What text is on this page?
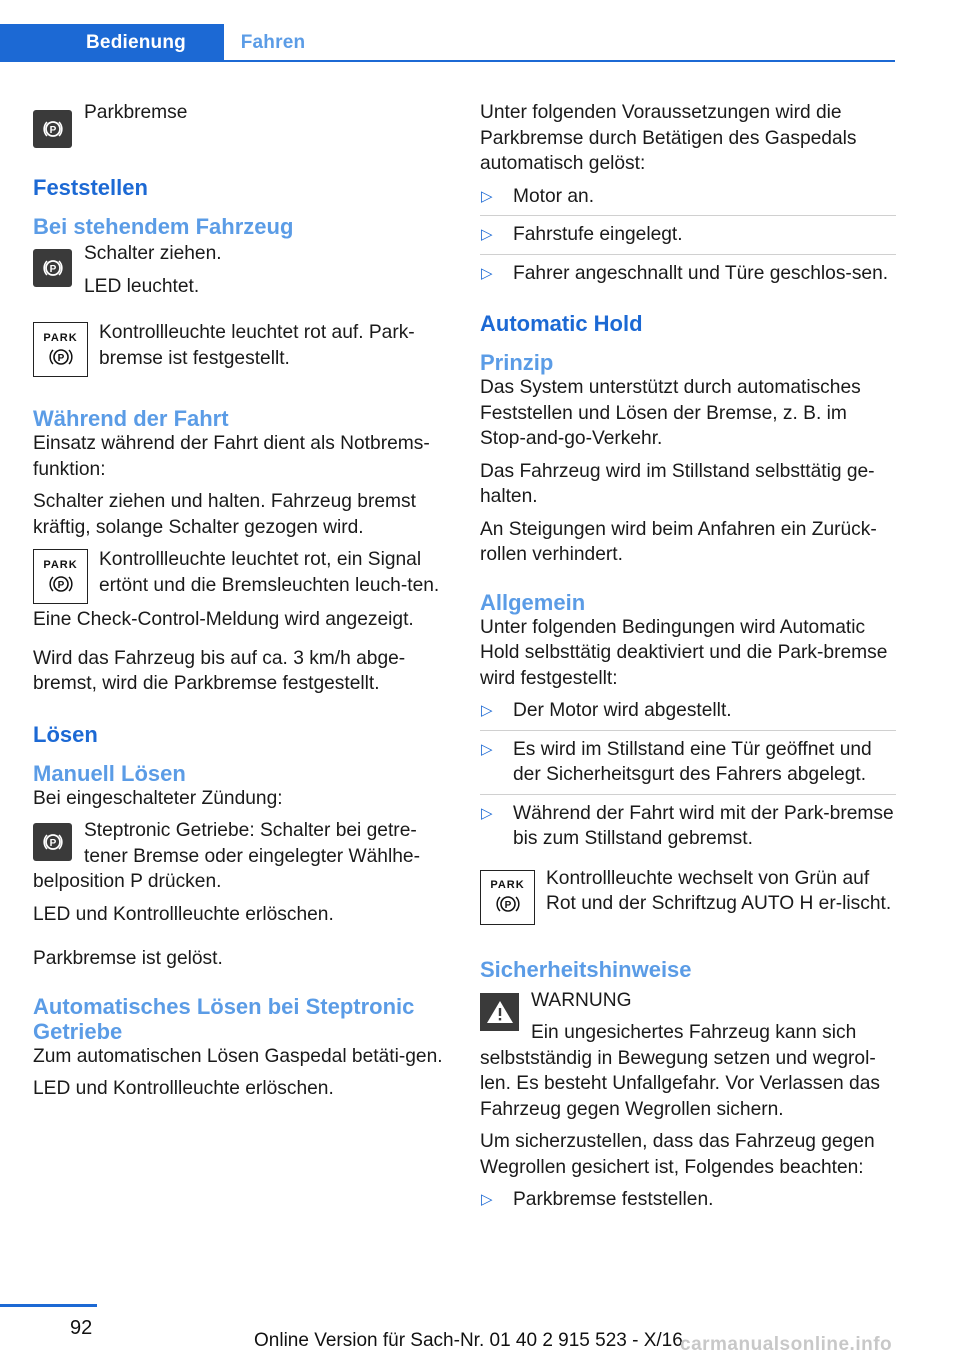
Bedienung	Fahren
P

Parkbremse

Feststellen
Bei stehendem Fahrzeug
P

Schalter ziehen.

LED leuchtet.

PARK
P

Kontrollleuchte leuchtet rot auf. Park-bremse ist festgestellt.

Während der Fahrt

Einsatz während der Fahrt dient als Notbrems-funktion:

Schalter ziehen und halten. Fahrzeug bremst kräftig, solange Schalter gezogen wird.

PARK
P

Kontrollleuchte leuchtet rot, ein Signal ertönt und die Bremsleuchten leuch-ten.

Eine Check-Control-Meldung wird angezeigt.

Wird das Fahrzeug bis auf ca. 3 km/h abge-bremst, wird die Parkbremse festgestellt.

Lösen
Manuell Lösen

Bei eingeschalteter Zündung:

P

Steptronic Getriebe: Schalter bei getre-tener Bremse oder eingelegter Wählhe-belposition P drücken.

LED und Kontrollleuchte erlöschen.

Parkbremse ist gelöst.

Automatisches Lösen bei Steptronic Getriebe

Zum automatischen Lösen Gaspedal betäti-gen.

LED und Kontrollleuchte erlöschen.

Unter folgenden Voraussetzungen wird die Parkbremse durch Betätigen des Gaspedals automatisch gelöst:

▷ Motor an.
▷ Fahrstufe eingelegt.
▷ Fahrer angeschnallt und Türe geschlos-sen.
Automatic Hold
Prinzip

Das System unterstützt durch automatisches Feststellen und Lösen der Bremse, z. B. im Stop-and-go-Verkehr.

Das Fahrzeug wird im Stillstand selbsttätig ge-halten.

An Steigungen wird beim Anfahren ein Zurück-rollen verhindert.

Allgemein

Unter folgenden Bedingungen wird Automatic Hold selbsttätig deaktiviert und die Park-bremse wird festgestellt:

▷ Der Motor wird abgestellt.
▷ Es wird im Stillstand eine Tür geöffnet und der Sicherheitsgurt des Fahrers abgelegt.
▷ Während der Fahrt wird mit der Park-bremse bis zum Stillstand gebremst.
PARK
P

Kontrollleuchte wechselt von Grün auf Rot und der Schriftzug AUTO H er-lischt.

Sicherheitshinweise

WARNUNG

Ein ungesichertes Fahrzeug kann sich selbstständig in Bewegung setzen und wegrol-len. Es besteht Unfallgefahr. Vor Verlassen das Fahrzeug gegen Wegrollen sichern.

Um sicherzustellen, dass das Fahrzeug gegen Wegrollen gesichert ist, Folgendes beachten:

▷ Parkbremse feststellen.
92
Online Version für Sach-Nr. 01 40 2 915 523 - X/16
carmanualsonline.info
